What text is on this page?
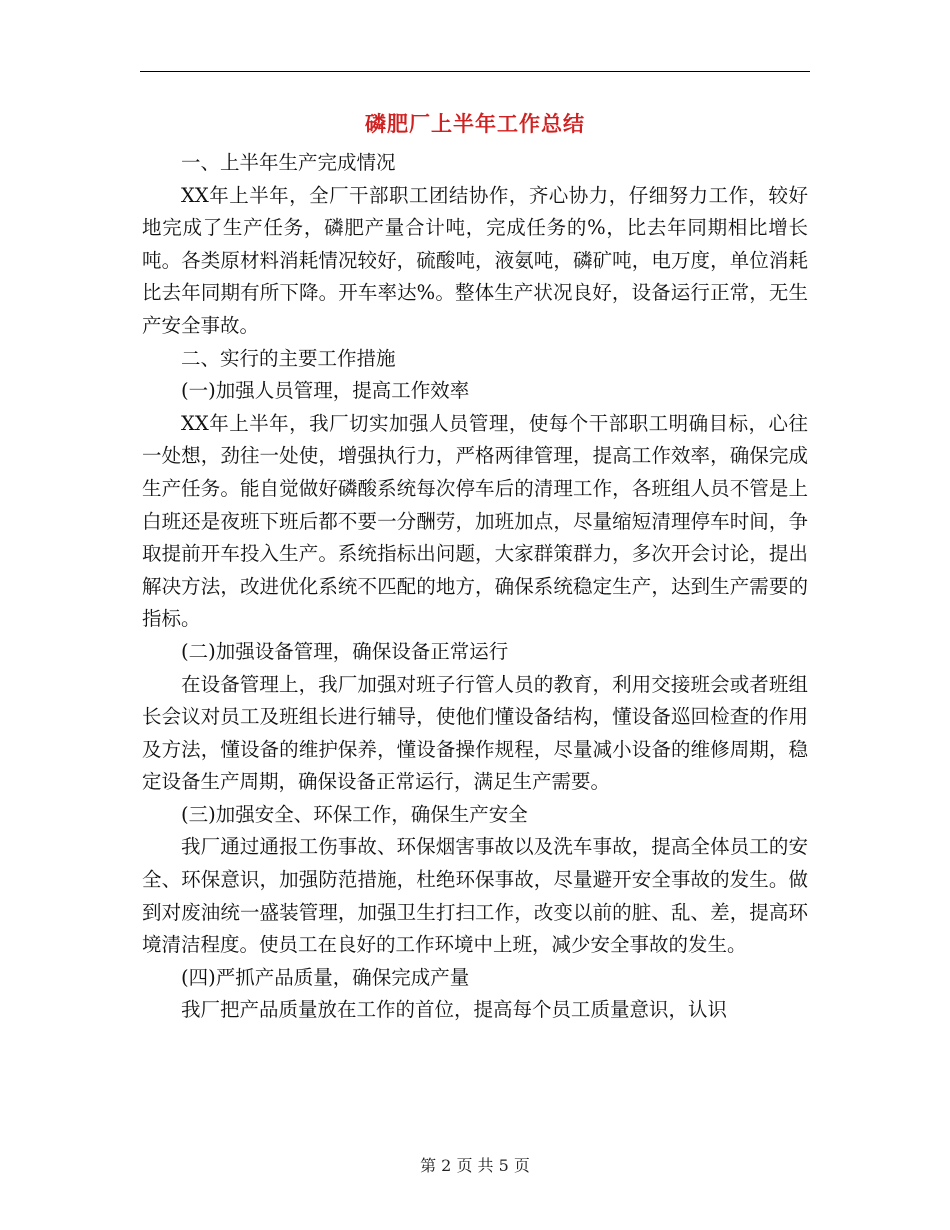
磷肥厂上半年工作总结

一、上半年生产完成情况

XX年上半年，全厂干部职工团结协作，齐心协力，仔细努力工作，较好地完成了生产任务，磷肥产量合计吨，完成任务的%，比去年同期相比增长吨。各类原材料消耗情况较好，硫酸吨，液氨吨，磷矿吨，电万度，单位消耗比去年同期有所下降。开车率达%。整体生产状况良好，设备运行正常，无生产安全事故。

二、实行的主要工作措施

(一)加强人员管理，提高工作效率

XX年上半年，我厂切实加强人员管理，使每个干部职工明确目标，心往一处想，劲往一处使，增强执行力，严格两律管理，提高工作效率，确保完成生产任务。能自觉做好磷酸系统每次停车后的清理工作，各班组人员不管是上白班还是夜班下班后都不要一分酬劳，加班加点，尽量缩短清理停车时间，争取提前开车投入生产。系统指标出问题，大家群策群力，多次开会讨论，提出解决方法，改进优化系统不匹配的地方，确保系统稳定生产，达到生产需要的指标。

(二)加强设备管理，确保设备正常运行

在设备管理上，我厂加强对班子行管人员的教育，利用交接班会或者班组长会议对员工及班组长进行辅导，使他们懂设备结构，懂设备巡回检查的作用及方法，懂设备的维护保养，懂设备操作规程，尽量减小设备的维修周期，稳定设备生产周期，确保设备正常运行，满足生产需要。

(三)加强安全、环保工作，确保生产安全

我厂通过通报工伤事故、环保烟害事故以及洗车事故，提高全体员工的安全、环保意识，加强防范措施，杜绝环保事故，尽量避开安全事故的发生。做到对废油统一盛装管理，加强卫生打扫工作，改变以前的脏、乱、差，提高环境清洁程度。使员工在良好的工作环境中上班，减少安全事故的发生。

(四)严抓产品质量，确保完成产量

我厂把产品质量放在工作的首位，提高每个员工质量意识，认识

第 2 页 共 5 页
